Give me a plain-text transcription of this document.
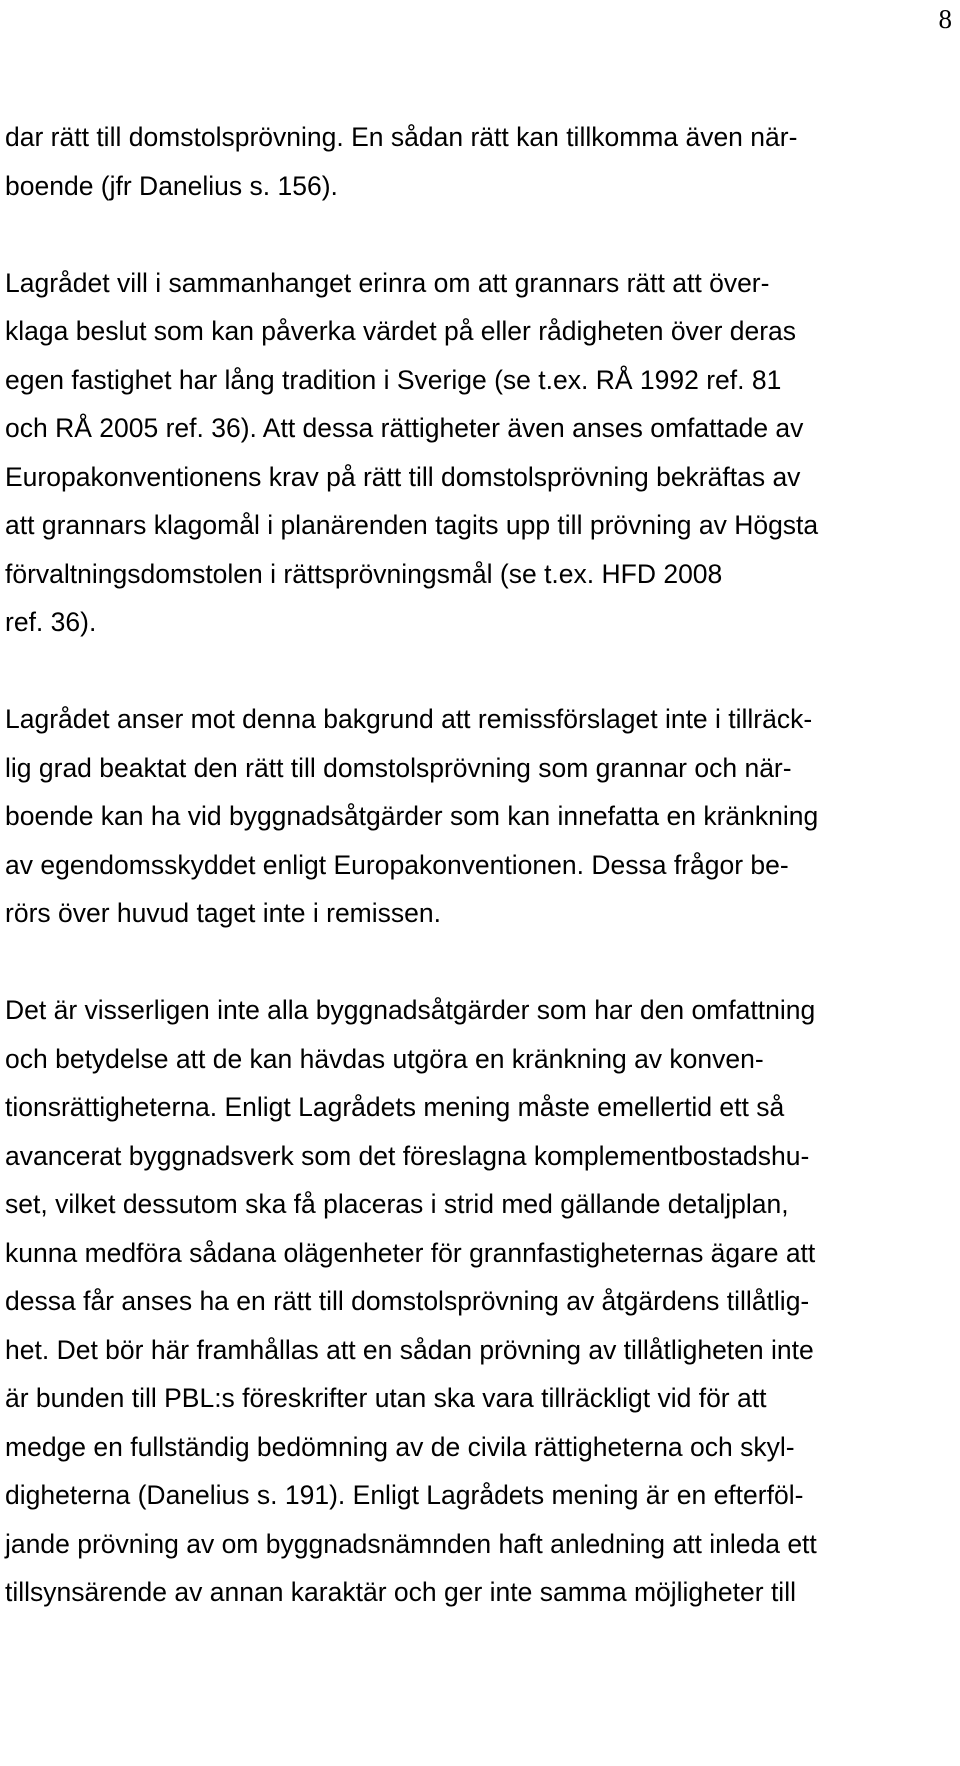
8
dar rätt till domstolsprövning. En sådan rätt kan tillkomma även när-
boende (jfr Danelius s. 156).
Lagrådet vill i sammanhanget erinra om att grannars rätt att över-
klaga beslut som kan påverka värdet på eller rådigheten över deras
egen fastighet har lång tradition i Sverige (se t.ex. RÅ 1992 ref. 81
och RÅ 2005 ref. 36). Att dessa rättigheter även anses omfattade av
Europakonventionens krav på rätt till domstolsprövning bekräftas av
att grannars klagomål i planärenden tagits upp till prövning av Högsta
förvaltningsdomstolen i rättsprövningsmål (se t.ex. HFD 2008
ref. 36).
Lagrådet anser mot denna bakgrund att remissförslaget inte i tillräck-
lig grad beaktat den rätt till domstolsprövning som grannar och när-
boende kan ha vid byggnadsåtgärder som kan innefatta en kränkning
av egendomsskyddet enligt Europakonventionen. Dessa frågor be-
rörs över huvud taget inte i remissen.
Det är visserligen inte alla byggnadsåtgärder som har den omfattning
och betydelse att de kan hävdas utgöra en kränkning av konven-
tionsrättigheterna. Enligt Lagrådets mening måste emellertid ett så
avancerat byggnadsverk som det föreslagna komplementbostadshu-
set, vilket dessutom ska få placeras i strid med gällande detaljplan,
kunna medföra sådana olägenheter för grannfastigheternas ägare att
dessa får anses ha en rätt till domstolsprövning av åtgärdens tillåtlig-
het. Det bör här framhållas att en sådan prövning av tillåtligheten inte
är bunden till PBL:s föreskrifter utan ska vara tillräckligt vid för att
medge en fullständig bedömning av de civila rättigheterna och skyl-
digheterna (Danelius s. 191). Enligt Lagrådets mening är en efterföl-
jande prövning av om byggnadsnämnden haft anledning att inleda ett
tillsynsärende av annan karaktär och ger inte samma möjligheter till
